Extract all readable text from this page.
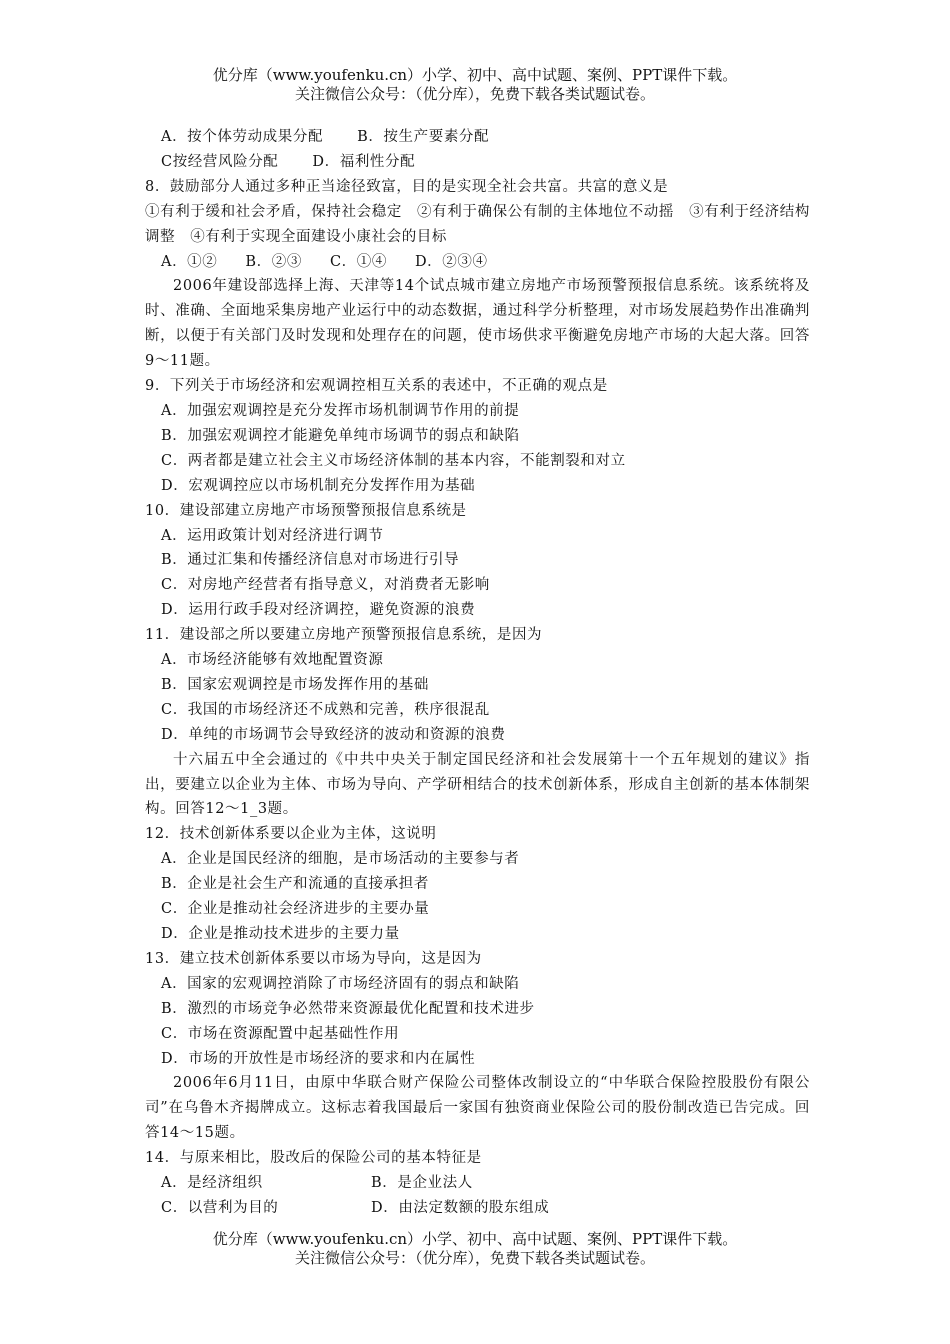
优分库（www.youfenku.cn）小学、初中、高中试题、案例、PPT课件下载。

关注微信公众号：（优分库），免费下载各类试题试卷。

A．按个体劳动成果分配 B．按生产要素分配

C按经营风险分配 D．福利性分配

8．鼓励部分人通过多种正当途径致富，目的是实现全社会共富。共富的意义是

①有利于缓和社会矛盾，保持社会稳定　②有利于确保公有制的主体地位不动摇　③有利于经济结构调整　④有利于实现全面建设小康社会的目标

A．①② B．②③ C．①④ D．②③④

2006年建设部选择上海、天津等14个试点城市建立房地产市场预警预报信息系统。该系统将及时、准确、全面地采集房地产业运行中的动态数据，通过科学分析整理，对市场发展趋势作出准确判断，以便于有关部门及时发现和处理存在的问题，使市场供求平衡避免房地产市场的大起大落。回答9～11题。

9．下列关于市场经济和宏观调控相互关系的表述中，不正确的观点是

A．加强宏观调控是充分发挥市场机制调节作用的前提

B．加强宏观调控才能避免单纯市场调节的弱点和缺陷

C．两者都是建立社会主义市场经济体制的基本内容，不能割裂和对立

D．宏观调控应以市场机制充分发挥作用为基础

10．建设部建立房地产市场预警预报信息系统是

A．运用政策计划对经济进行调节

B．通过汇集和传播经济信息对市场进行引导

C．对房地产经营者有指导意义，对消费者无影响

D．运用行政手段对经济调控，避免资源的浪费

11．建设部之所以要建立房地产预警预报信息系统，是因为

A．市场经济能够有效地配置资源

B．国家宏观调控是市场发挥作用的基础

C．我国的市场经济还不成熟和完善，秩序很混乱

D．单纯的市场调节会导致经济的波动和资源的浪费

十六届五中全会通过的《中共中央关于制定国民经济和社会发展第十一个五年规划的建议》指出，要建立以企业为主体、市场为导向、产学研相结合的技术创新体系，形成自主创新的基本体制架构。回答12～1_3题。

12．技术创新体系要以企业为主体，这说明

A．企业是国民经济的细胞，是市场活动的主要参与者

B．企业是社会生产和流通的直接承担者

C．企业是推动社会经济进步的主要办量

D．企业是推动技术进步的主要力量

13．建立技术创新体系要以市场为导向，这是因为

A．国家的宏观调控消除了市场经济固有的弱点和缺陷

B．激烈的市场竞争必然带来资源最优化配置和技术进步

C．市场在资源配置中起基础性作用

D．市场的开放性是市场经济的要求和内在属性

2006年6月11日，由原中华联合财产保险公司整体改制设立的“中华联合保险控股股份有限公司”在乌鲁木齐揭牌成立。这标志着我国最后一家国有独资商业保险公司的股份制改造已告完成。回答14～15题。

14．与原来相比，股改后的保险公司的基本特征是

A．是经济组织	B．是企业法人

C．以营利为目的	D．由法定数额的股东组成

优分库（www.youfenku.cn）小学、初中、高中试题、案例、PPT课件下载。

关注微信公众号：（优分库），免费下载各类试题试卷。
